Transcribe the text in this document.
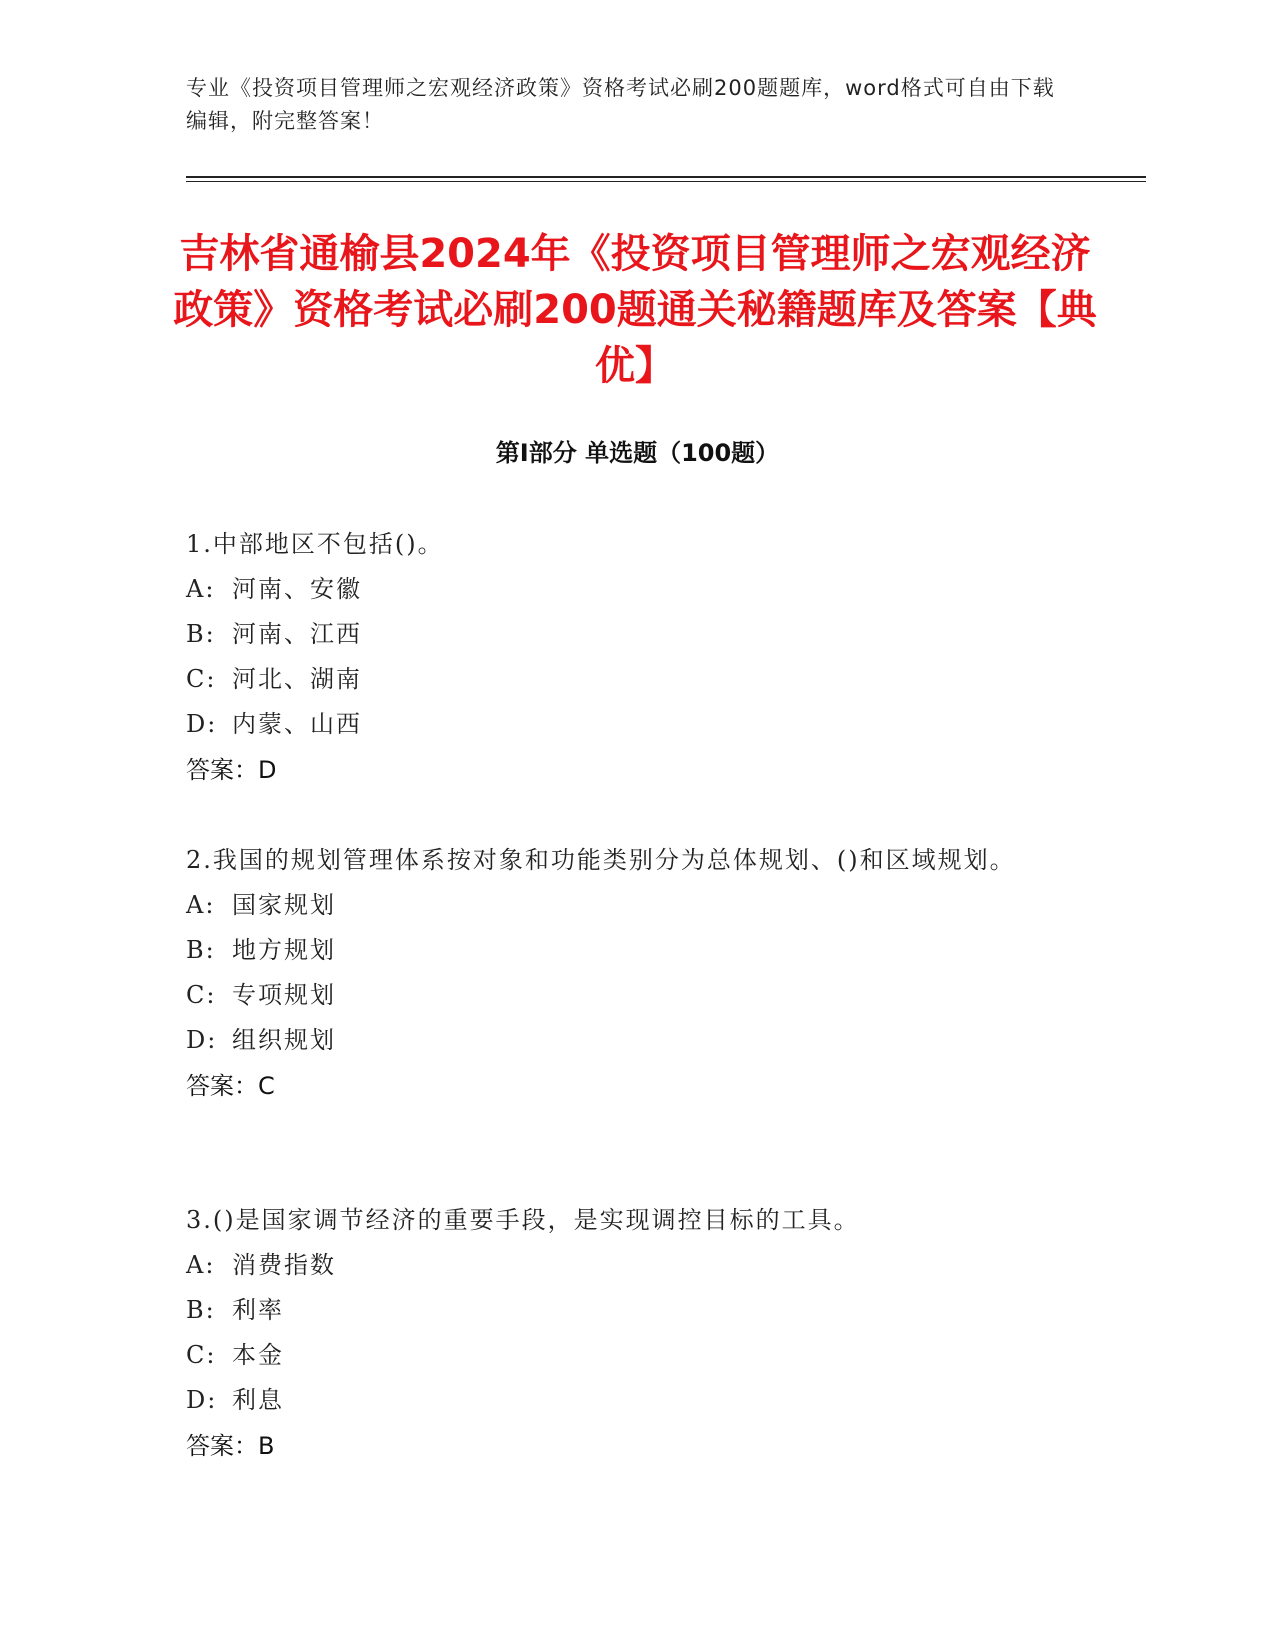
专业《投资项目管理师之宏观经济政策》资格考试必刷200题题库，word格式可自由下载编辑，附完整答案！
吉林省通榆县2024年《投资项目管理师之宏观经济政策》资格考试必刷200题通关秘籍题库及答案【典优】
第Ⅰ部分 单选题（100题）
1.中部地区不包括()。
A: 河南、安徽
B: 河南、江西
C: 河北、湖南
D: 内蒙、山西
答案：D
2.我国的规划管理体系按对象和功能类别分为总体规划、()和区域规划。
A: 国家规划
B: 地方规划
C: 专项规划
D: 组织规划
答案：C
3.()是国家调节经济的重要手段，是实现调控目标的工具。
A: 消费指数
B: 利率
C: 本金
D: 利息
答案：B
